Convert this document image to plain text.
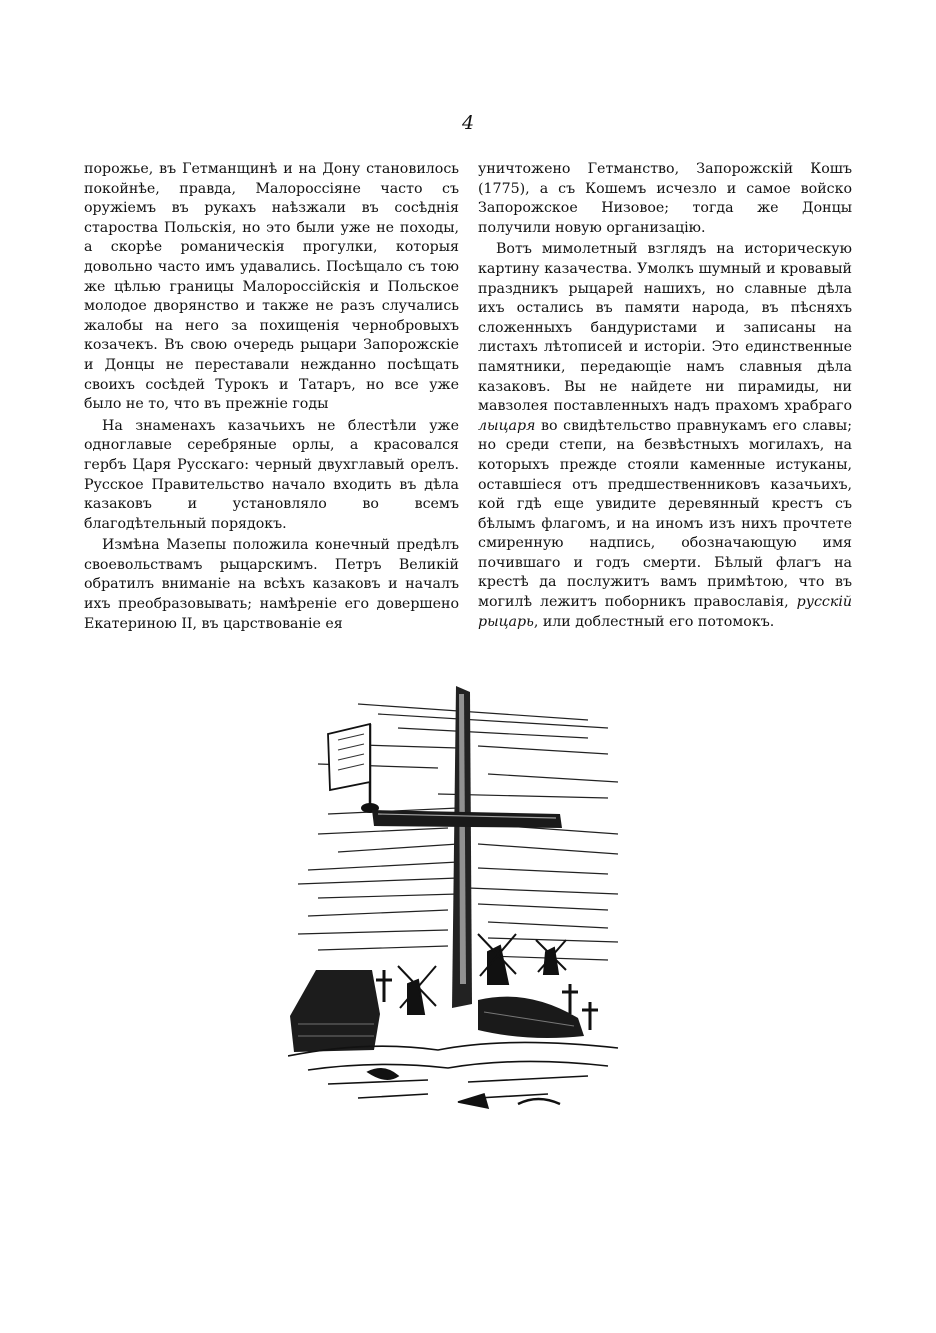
4

порожье, въ Гетманщинѣ и на Дону становилось покойнѣе, правда, Малороссіяне часто съ оружіемъ въ рукахъ наѣзжали въ сосѣднія староства Польскія, но это были уже не походы, а скорѣе романическія прогулки, которыя довольно часто имъ удавались. Посѣщало съ тою же цѣлью границы Малороссійскія и Польское молодое дворянство и также не разъ случались жалобы на него за похищенія чернобровыхъ козачекъ. Въ свою очередь рыцари Запорожскіе и Донцы не переставали нежданно посѣщать своихъ сосѣдей Турокъ и Татаръ, но все уже было не то, что въ прежніе годы

На знаменахъ казачьихъ не блестѣли уже одноглавые серебряные орлы, а красовался гербъ Царя Русскаго: черный двухглавый орелъ. Русское Правительство начало входить въ дѣла казаковъ и установляло во всемъ благодѣтельный порядокъ.

Измѣна Мазепы положила конечный предѣлъ своевольствамъ рыцарскимъ. Петръ Великій обратилъ вниманіе на всѣхъ казаковъ и началъ ихъ преобразовывать; намѣреніе его довершено Екатериною II, въ царствованіе ея

уничтожено Гетманство, Запорожскій Кошъ (1775), а съ Кошемъ исчезло и самое войско Запорожское Низовое; тогда же Донцы получили новую организацію.

Вотъ мимолетный взглядъ на историческую картину казачества. Умолкъ шумный и кровавый праздникъ рыцарей нашихъ, но славные дѣла ихъ остались въ памяти народа, въ пѣсняхъ сложенныхъ бандуристами и записаны на листахъ лѣтописей и исторіи. Это единственные памятники, передающіе намъ славныя дѣла казаковъ. Вы не найдете ни пирамиды, ни мавзолея поставленныхъ надъ прахомъ храбраго лыцаря во свидѣтельство правнукамъ его славы; но среди степи, на безвѣстныхъ могилахъ, на которыхъ прежде стояли каменные истуканы, оставшіеся отъ предшественниковъ казачьихъ, кой гдѣ еще увидите деревянный крестъ съ бѣлымъ флагомъ, и на иномъ изъ нихъ прочтете смиренную надпись, обозначающую имя почившаго и годъ смерти. Бѣлый флагъ на крестѣ да послужитъ вамъ примѣтою, что въ могилѣ лежитъ поборникъ православія, русскій рыцарь, или доблестный его потомокъ.
